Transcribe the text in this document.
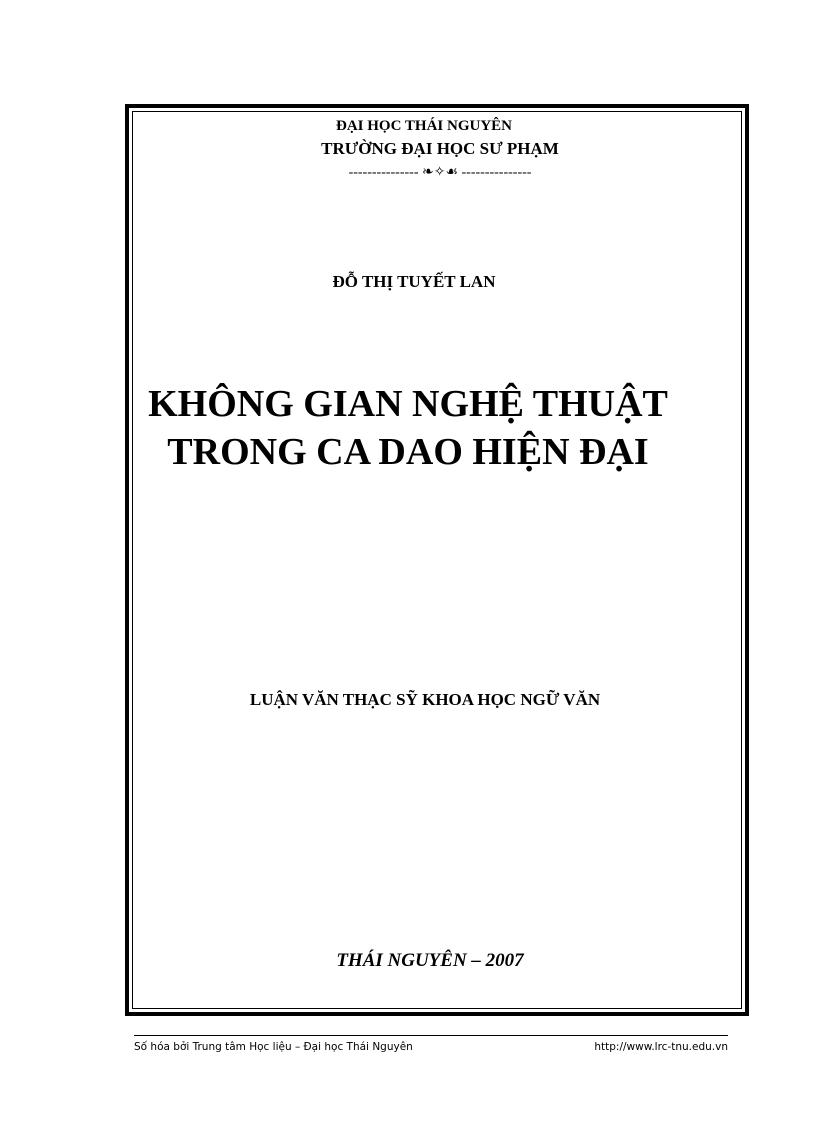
ĐẠI HỌC THÁI NGUYÊN
TRƯỜNG ĐẠI HỌC SƯ PHẠM
--------------- ❧✧☙ ---------------
ĐỖ THỊ TUYẾT LAN
KHÔNG GIAN NGHỆ THUẬT
TRONG CA DAO HIỆN ĐẠI
LUẬN VĂN THẠC SỸ KHOA HỌC NGỮ VĂN
THÁI NGUYÊN – 2007
Số hóa bởi Trung tâm Học liệu – Đại học Thái Nguyên	http://www.lrc-tnu.edu.vn
